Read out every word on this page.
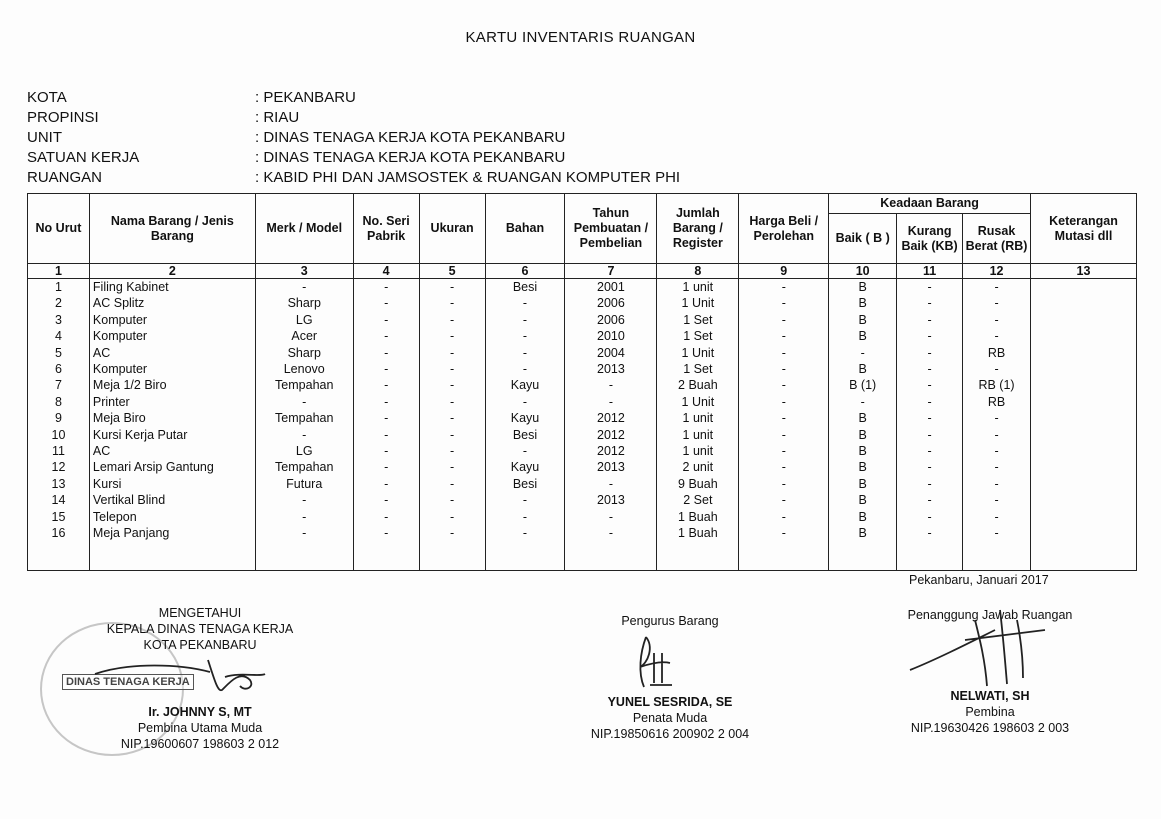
KARTU INVENTARIS RUANGAN
KOTA	: PEKANBARU
PROPINSI	: RIAU
UNIT	: DINAS TENAGA KERJA KOTA PEKANBARU
SATUAN KERJA	: DINAS TENAGA KERJA KOTA PEKANBARU
RUANGAN	: KABID PHI DAN JAMSOSTEK & RUANGAN KOMPUTER PHI
No Urut	Nama Barang / Jenis Barang	Merk / Model	No. Seri Pabrik	Ukuran	Bahan	Tahun Pembuatan / Pembelian	Jumlah Barang / Register	Harga Beli / Perolehan	Keadaan Barang			Keterangan Mutasi dll
									Baik ( B )	Kurang Baik (KB)	Rusak Berat (RB)	
1	2	3	4	5	6	7	8	9	10	11	12	13
1	Filing Kabinet	-	-	-	Besi	2001	1 unit	-	B	-	-	
2	AC Splitz	Sharp	-	-	-	2006	1 Unit	-	B	-	-	
3	Komputer	LG	-	-	-	2006	1 Set	-	B	-	-	
4	Komputer	Acer	-	-	-	2010	1 Set	-	B	-	-	
5	AC	Sharp	-	-	-	2004	1 Unit	-	-	-	RB	
6	Komputer	Lenovo	-	-	-	2013	1 Set	-	B	-	-	
7	Meja 1/2 Biro	Tempahan	-	-	Kayu	-	2 Buah	-	B (1)	-	RB (1)	
8	Printer	-	-	-	-	-	1 Unit	-	-	-	RB	
9	Meja Biro	Tempahan	-	-	Kayu	2012	1 unit	-	B	-	-	
10	Kursi Kerja Putar	-	-	-	Besi	2012	1 unit	-	B	-	-	
11	AC	LG	-	-	-	2012	1 unit	-	B	-	-	
12	Lemari Arsip Gantung	Tempahan	-	-	Kayu	2013	2 unit	-	B	-	-	
13	Kursi	Futura	-	-	Besi	-	9 Buah	-	B	-	-	
14	Vertikal Blind	-	-	-	-	2013	2 Set	-	B	-	-	
15	Telepon	-	-	-	-	-	1 Buah	-	B	-	-	
16	Meja Panjang	-	-	-	-	-	1 Buah	-	B	-	-	

Pekanbaru, Januari 2017
DINAS TENAGA KERJA
MENGETAHUI
KEPALA DINAS TENAGA KERJA
KOTA PEKANBARU
Ir. JOHNNY S, MT
Pembina Utama Muda
NIP.19600607 198603 2 012
Pengurus Barang
YUNEL SESRIDA, SE
Penata Muda
NIP.19850616 200902 2 004
Penanggung Jawab Ruangan
NELWATI, SH
Pembina
NIP.19630426 198603 2 003
